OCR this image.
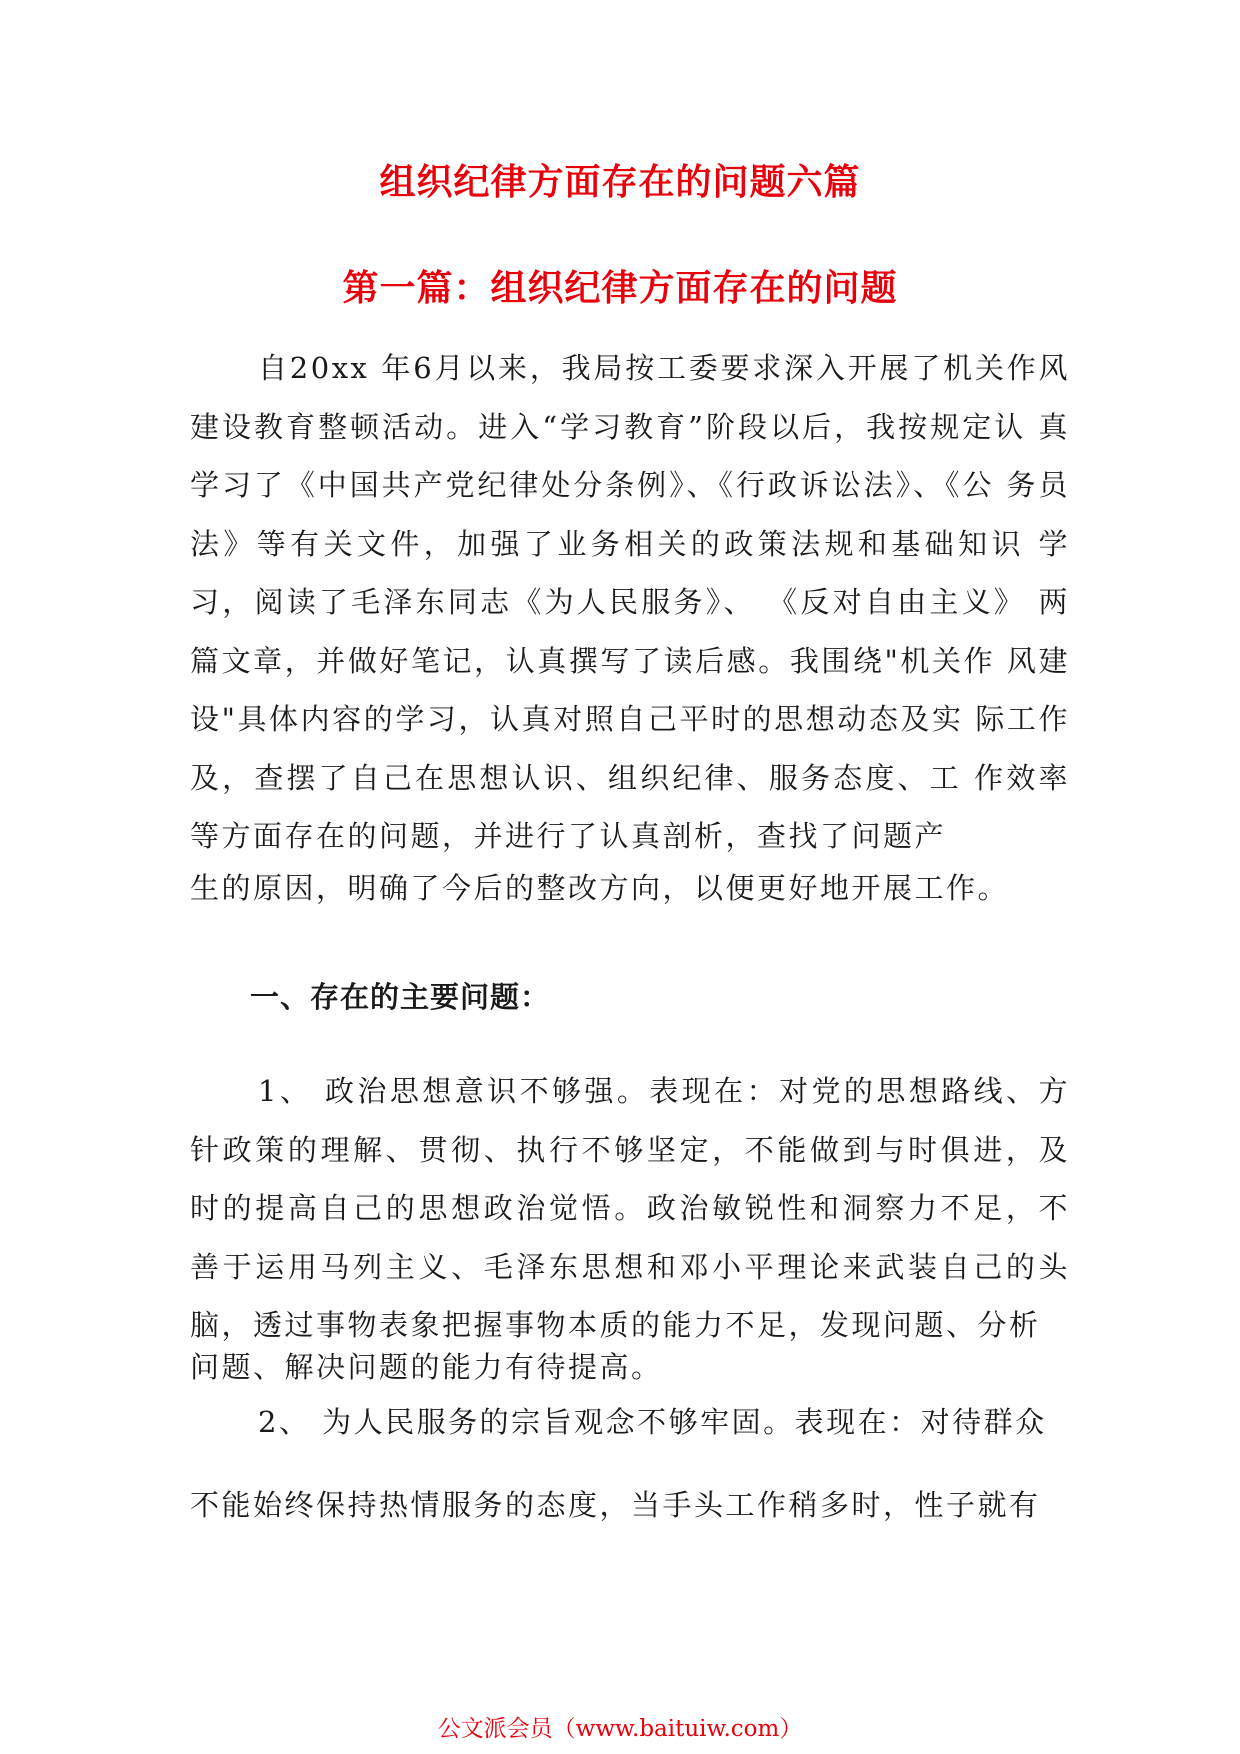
组织纪律方面存在的问题六篇
第一篇：组织纪律方面存在的问题

自20xx 年6月以来，我局按工委要求深入开展了机关作风 建设教育整顿活动。进入“学习教育”阶段以后，我按规定认 真学习了《中国共产党纪律处分条例》、《行政诉讼法》、《公 务员法》等有关文件，加强了业务相关的政策法规和基础知识 学习，阅读了毛泽东同志《为人民服务》、 《反对自由主义》 两篇文章，并做好笔记，认真撰写了读后感。我围绕"机关作 风建设"具体内容的学习，认真对照自己平时的思想动态及实 际工作及，查摆了自己在思想认识、组织纪律、服务态度、工 作效率等方面存在的问题，并进行了认真剖析，查找了问题产

生的原因，明确了今后的整改方向，以便更好地开展工作。

一、存在的主要问题：

1、 政治思想意识不够强。表现在：对党的思想路线、方针政策的理解、贯彻、执行不够坚定，不能做到与时俱进，及时的提高自己的思想政治觉悟。政治敏锐性和洞察力不足，不善于运用马列主义、毛泽东思想和邓小平理论来武装自己的头脑，透过事物表象把握事物本质的能力不足，发现问题、分析

问题、解决问题的能力有待提高。

2、 为人民服务的宗旨观念不够牢固。表现在：对待群众

不能始终保持热情服务的态度，当手头工作稍多时，性子就有

公文派会员（www.baituiw.com）
